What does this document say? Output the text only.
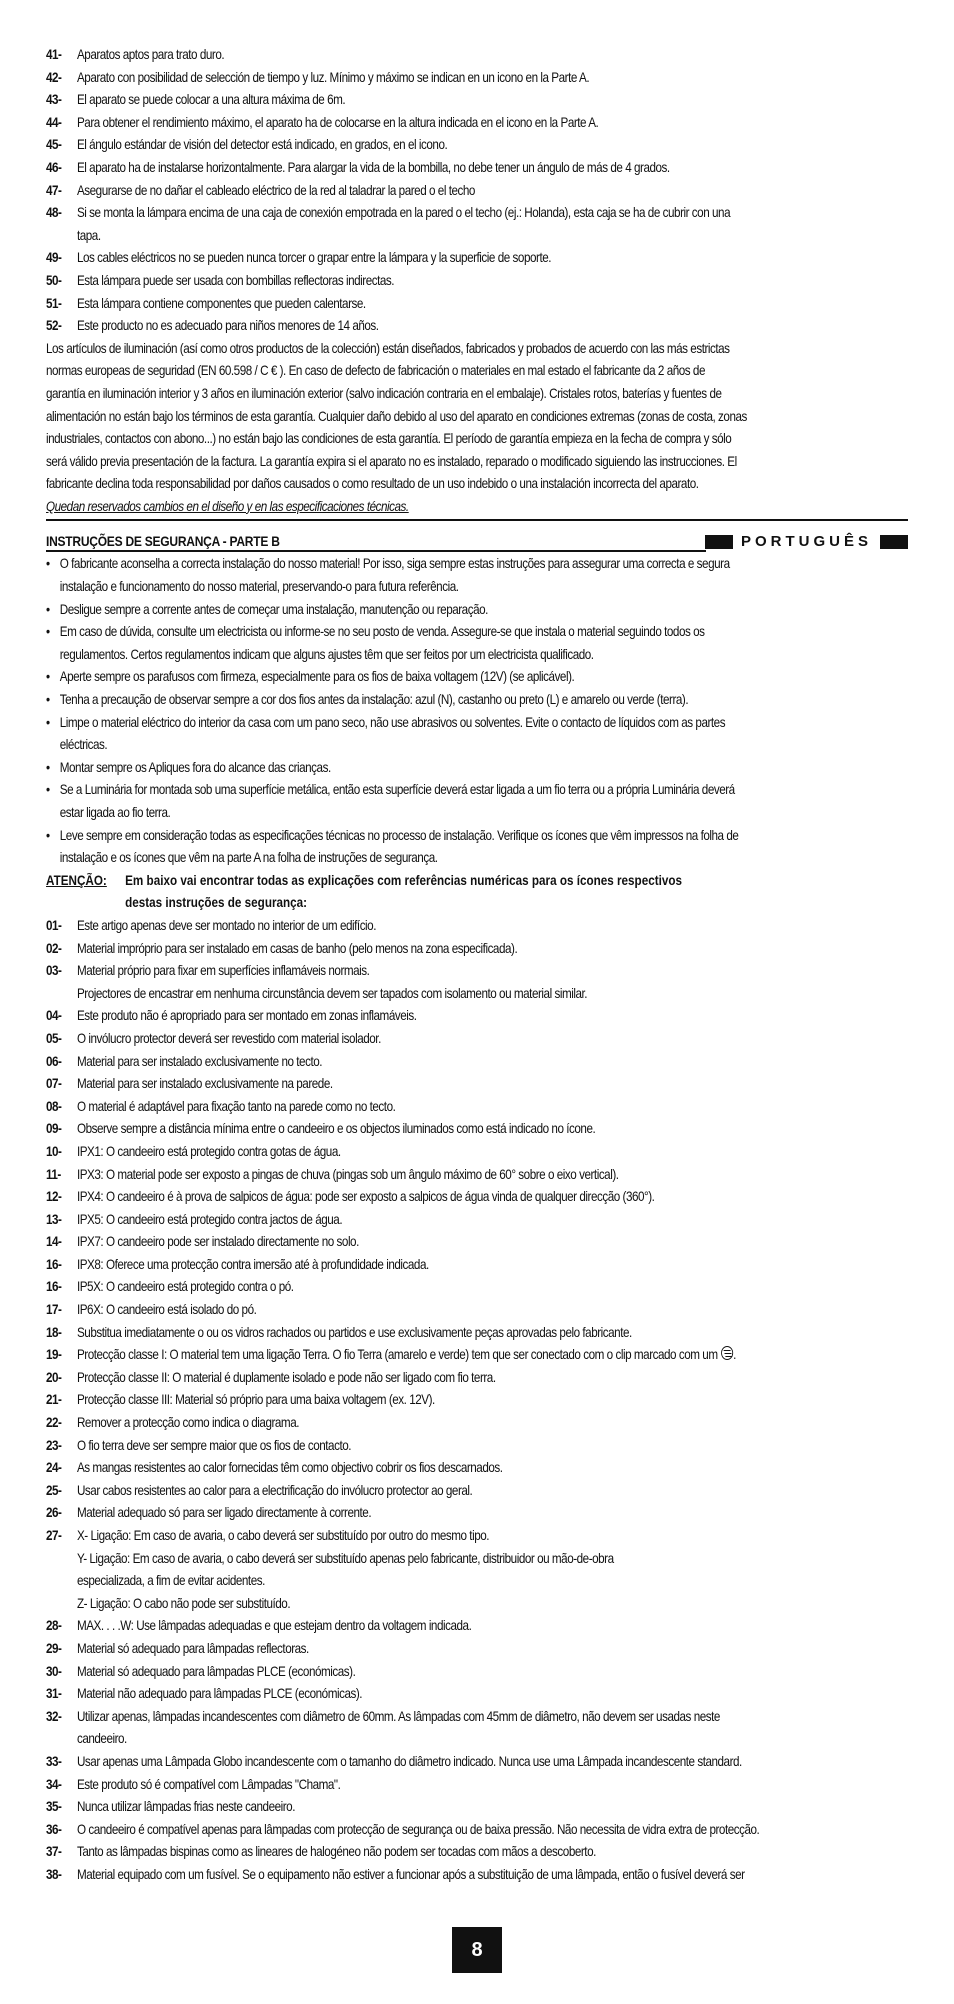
41-	Aparatos aptos para trato duro.
42-	Aparato con posibilidad de selección de tiempo y luz. Mínimo y máximo se indican en un icono en la Parte A.
43-	El aparato se puede colocar a una altura máxima de 6m.
44-	Para obtener el rendimiento máximo, el aparato ha de colocarse en la altura indicada en el icono en la Parte A.
45-	El ángulo estándar de visión del detector está indicado, en grados, en el icono.
46-	El aparato ha de instalarse horizontalmente. Para alargar la vida de la bombilla, no debe tener un ángulo de más de 4 grados.
47-	Asegurarse de no dañar el cableado eléctrico de la red al taladrar la pared o el techo
48-	Si se monta la lámpara encima de una caja de conexión empotrada en la pared o el techo (ej.: Holanda), esta caja se ha de cubrir con una
tapa.
49-	Los cables eléctricos no se pueden nunca torcer o grapar entre la lámpara y la superficie de soporte.
50-	Esta lámpara puede ser usada con bombillas reflectoras indirectas.
51-	Esta lámpara contiene componentes que pueden calentarse.
52-	Este producto no es adecuado para niños menores de 14 años.
Los artículos de iluminación (así como otros productos de la colección) están diseñados, fabricados y probados de acuerdo con las más estrictas
normas europeas de seguridad (EN 60.598 / C € ). En caso de defecto de fabricación o materiales en mal estado el fabricante da 2 años de
garantía en iluminación interior y 3 años en iluminación exterior (salvo indicación contraria en el embalaje). Cristales rotos, baterías y fuentes de
alimentación no están bajo los términos de esta garantía. Cualquier daño debido al uso del aparato en condiciones extremas (zonas de costa, zonas
industriales, contactos con abono...) no están bajo las condiciones de esta garantía. El período de garantía empieza en la fecha de compra y sólo
será válido previa presentación de la factura. La garantía expira si el aparato no es instalado, reparado o modificado siguiendo las instrucciones. El
fabricante declina toda responsabilidad por daños causados o como resultado de un uso indebido o una instalación incorrecta del aparato.
Quedan reservados cambios en el diseño y en las especificaciones técnicas.
INSTRUÇÕES DE SEGURANÇA - PARTE B	PORTUGUÊS
• O fabricante aconselha a correcta instalação do nosso material! Por isso, siga sempre estas instruções para assegurar uma correcta e segura
instalação e funcionamento do nosso material, preservando-o para futura referência.
• Desligue sempre a corrente antes de começar uma instalação, manutenção ou reparação.
• Em caso de dúvida, consulte um electricista ou informe-se no seu posto de venda. Assegure-se que instala o material seguindo todos os
regulamentos. Certos regulamentos indicam que alguns ajustes têm que ser feitos por um electricista qualificado.
• Aperte sempre os parafusos com firmeza, especialmente para os fios de baixa voltagem (12V) (se aplicável).
• Tenha a precaução de observar sempre a cor dos fios antes da instalação: azul (N), castanho ou preto (L) e amarelo ou verde (terra).
• Limpe o material eléctrico do interior da casa com um pano seco, não use abrasivos ou solventes. Evite o contacto de líquidos com as partes
eléctricas.
• Montar sempre os Apliques fora do alcance das crianças.
• Se a Luminária for montada sob uma superfície metálica, então esta superfície deverá estar ligada a um fio terra ou a própria Luminária deverá
estar ligada ao fio terra.
• Leve sempre em consideração todas as especificações técnicas no processo de instalação. Verifique os ícones que vêm impressos na folha de
instalação e os ícones que vêm na parte A na folha de instruções de segurança.
ATENÇÃO: Em baixo vai encontrar todas as explicações com referências numéricas para os ícones respectivos
destas instruções de segurança:
01-	Este artigo apenas deve ser montado no interior de um edifício.
02-	Material impróprio para ser instalado em casas de banho (pelo menos na zona especificada).
03-	Material próprio para fixar em superfícies inflamáveis normais.
Projectores de encastrar em nenhuma circunstância devem ser tapados com isolamento ou material similar.
04-	Este produto não é apropriado para ser montado em zonas inflamáveis.
05-	O invólucro protector deverá ser revestido com material isolador.
06-	Material para ser instalado exclusivamente no tecto.
07-	Material para ser instalado exclusivamente na parede.
08-	O material é adaptável para fixação tanto na parede como no tecto.
09-	Observe sempre a distância mínima entre o candeeiro e os objectos iluminados como está indicado no ícone.
10-	IPX1: O candeeiro está protegido contra gotas de água.
11-	IPX3: O material pode ser exposto a pingas de chuva (pingas sob um ângulo máximo de 60° sobre o eixo vertical).
12-	IPX4: O candeeiro é à prova de salpicos de água: pode ser exposto a salpicos de água vinda de qualquer direcção (360°).
13-	IPX5: O candeeiro está protegido contra jactos de água.
14-	IPX7: O candeeiro pode ser instalado directamente no solo.
16-	IPX8: Oferece uma protecção contra imersão até à profundidade indicada.
16-	IP5X: O candeeiro está protegido contra o pó.
17-	IP6X: O candeeiro está isolado do pó.
18-	Substitua imediatamente o ou os vidros rachados ou partidos e use exclusivamente peças aprovadas pelo fabricante.
19-	Protecção classe I: O material tem uma ligação Terra. O fio Terra (amarelo e verde) tem que ser conectado com o clip marcado com um .
20-	Protecção classe II: O material é duplamente isolado e pode não ser ligado com fio terra.
21-	Protecção classe III: Material só próprio para uma baixa voltagem (ex. 12V).
22-	Remover a protecção como indica o diagrama.
23-	O fio terra deve ser sempre maior que os fios de contacto.
24-	As mangas resistentes ao calor fornecidas têm como objectivo cobrir os fios descarnados.
25-	Usar cabos resistentes ao calor para a electrificação do invólucro protector ao geral.
26-	Material adequado só para ser ligado directamente à corrente.
27-	X- Ligação: Em caso de avaria, o cabo deverá ser substituído por outro do mesmo tipo.
Y- Ligação: Em caso de avaria, o cabo deverá ser substituído apenas pelo fabricante, distribuidor ou mão-de-obra
especializada, a fim de evitar acidentes.
Z- Ligação: O cabo não pode ser substituído.
28-	MAX. . . .W: Use lâmpadas adequadas e que estejam dentro da voltagem indicada.
29-	Material só adequado para lâmpadas reflectoras.
30-	Material só adequado para lâmpadas PLCE (económicas).
31-	Material não adequado para lâmpadas PLCE (económicas).
32-	Utilizar apenas, lâmpadas incandescentes com diâmetro de 60mm. As lâmpadas com 45mm de diâmetro, não devem ser usadas neste
candeeiro.
33-	Usar apenas uma Lâmpada Globo incandescente com o tamanho do diâmetro indicado. Nunca use uma Lâmpada incandescente standard.
34-	Este produto só é compatível com Lâmpadas "Chama".
35-	Nunca utilizar lâmpadas frias neste candeeiro.
36-	O candeeiro é compatível apenas para lâmpadas com protecção de segurança ou de baixa pressão. Não necessita de vidra extra de protecção.
37-	Tanto as lâmpadas bispinas como as lineares de halogéneo não podem ser tocadas com mãos a descoberto.
38-	Material equipado com um fusível. Se o equipamento não estiver a funcionar após a substituição de uma lâmpada, então o fusível deverá ser
8
